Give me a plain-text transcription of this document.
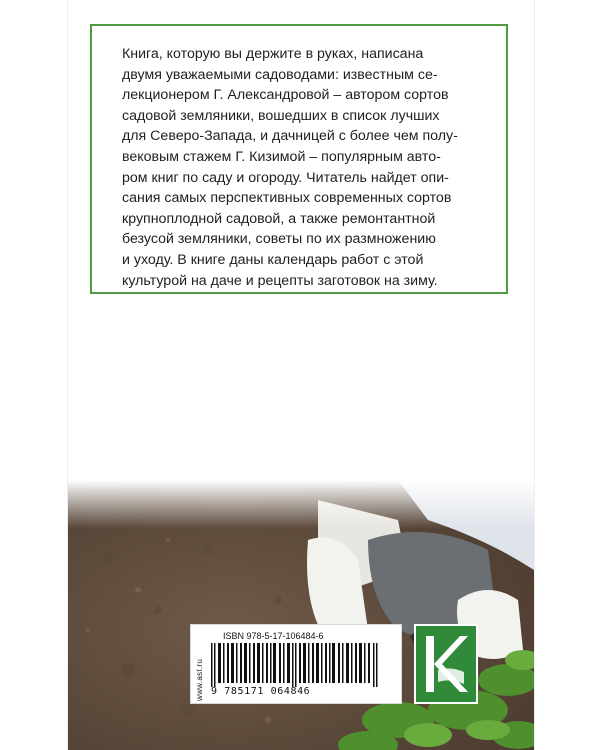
Книга, которую вы держите в руках, написана
двумя уважаемыми садоводами: известным се-
лекционером Г. Александровой – автором сортов
садовой земляники, вошедших в список лучших
для Северо-Запада, и дачницей с более чем полу-
вековым стажем Г. Кизимой – популярным авто-
ром книг по саду и огороду. Читатель найдет опи-
сания самых перспективных современных сортов
крупноплодной садовой, а также ремонтантной
безусой земляники, советы по их размножению
и уходу. В книге даны календарь работ с этой
культурой на даче и рецепты заготовок на зиму.
www.ast.ru
ISBN 978-5-17-106484-6
9 785171 064846
